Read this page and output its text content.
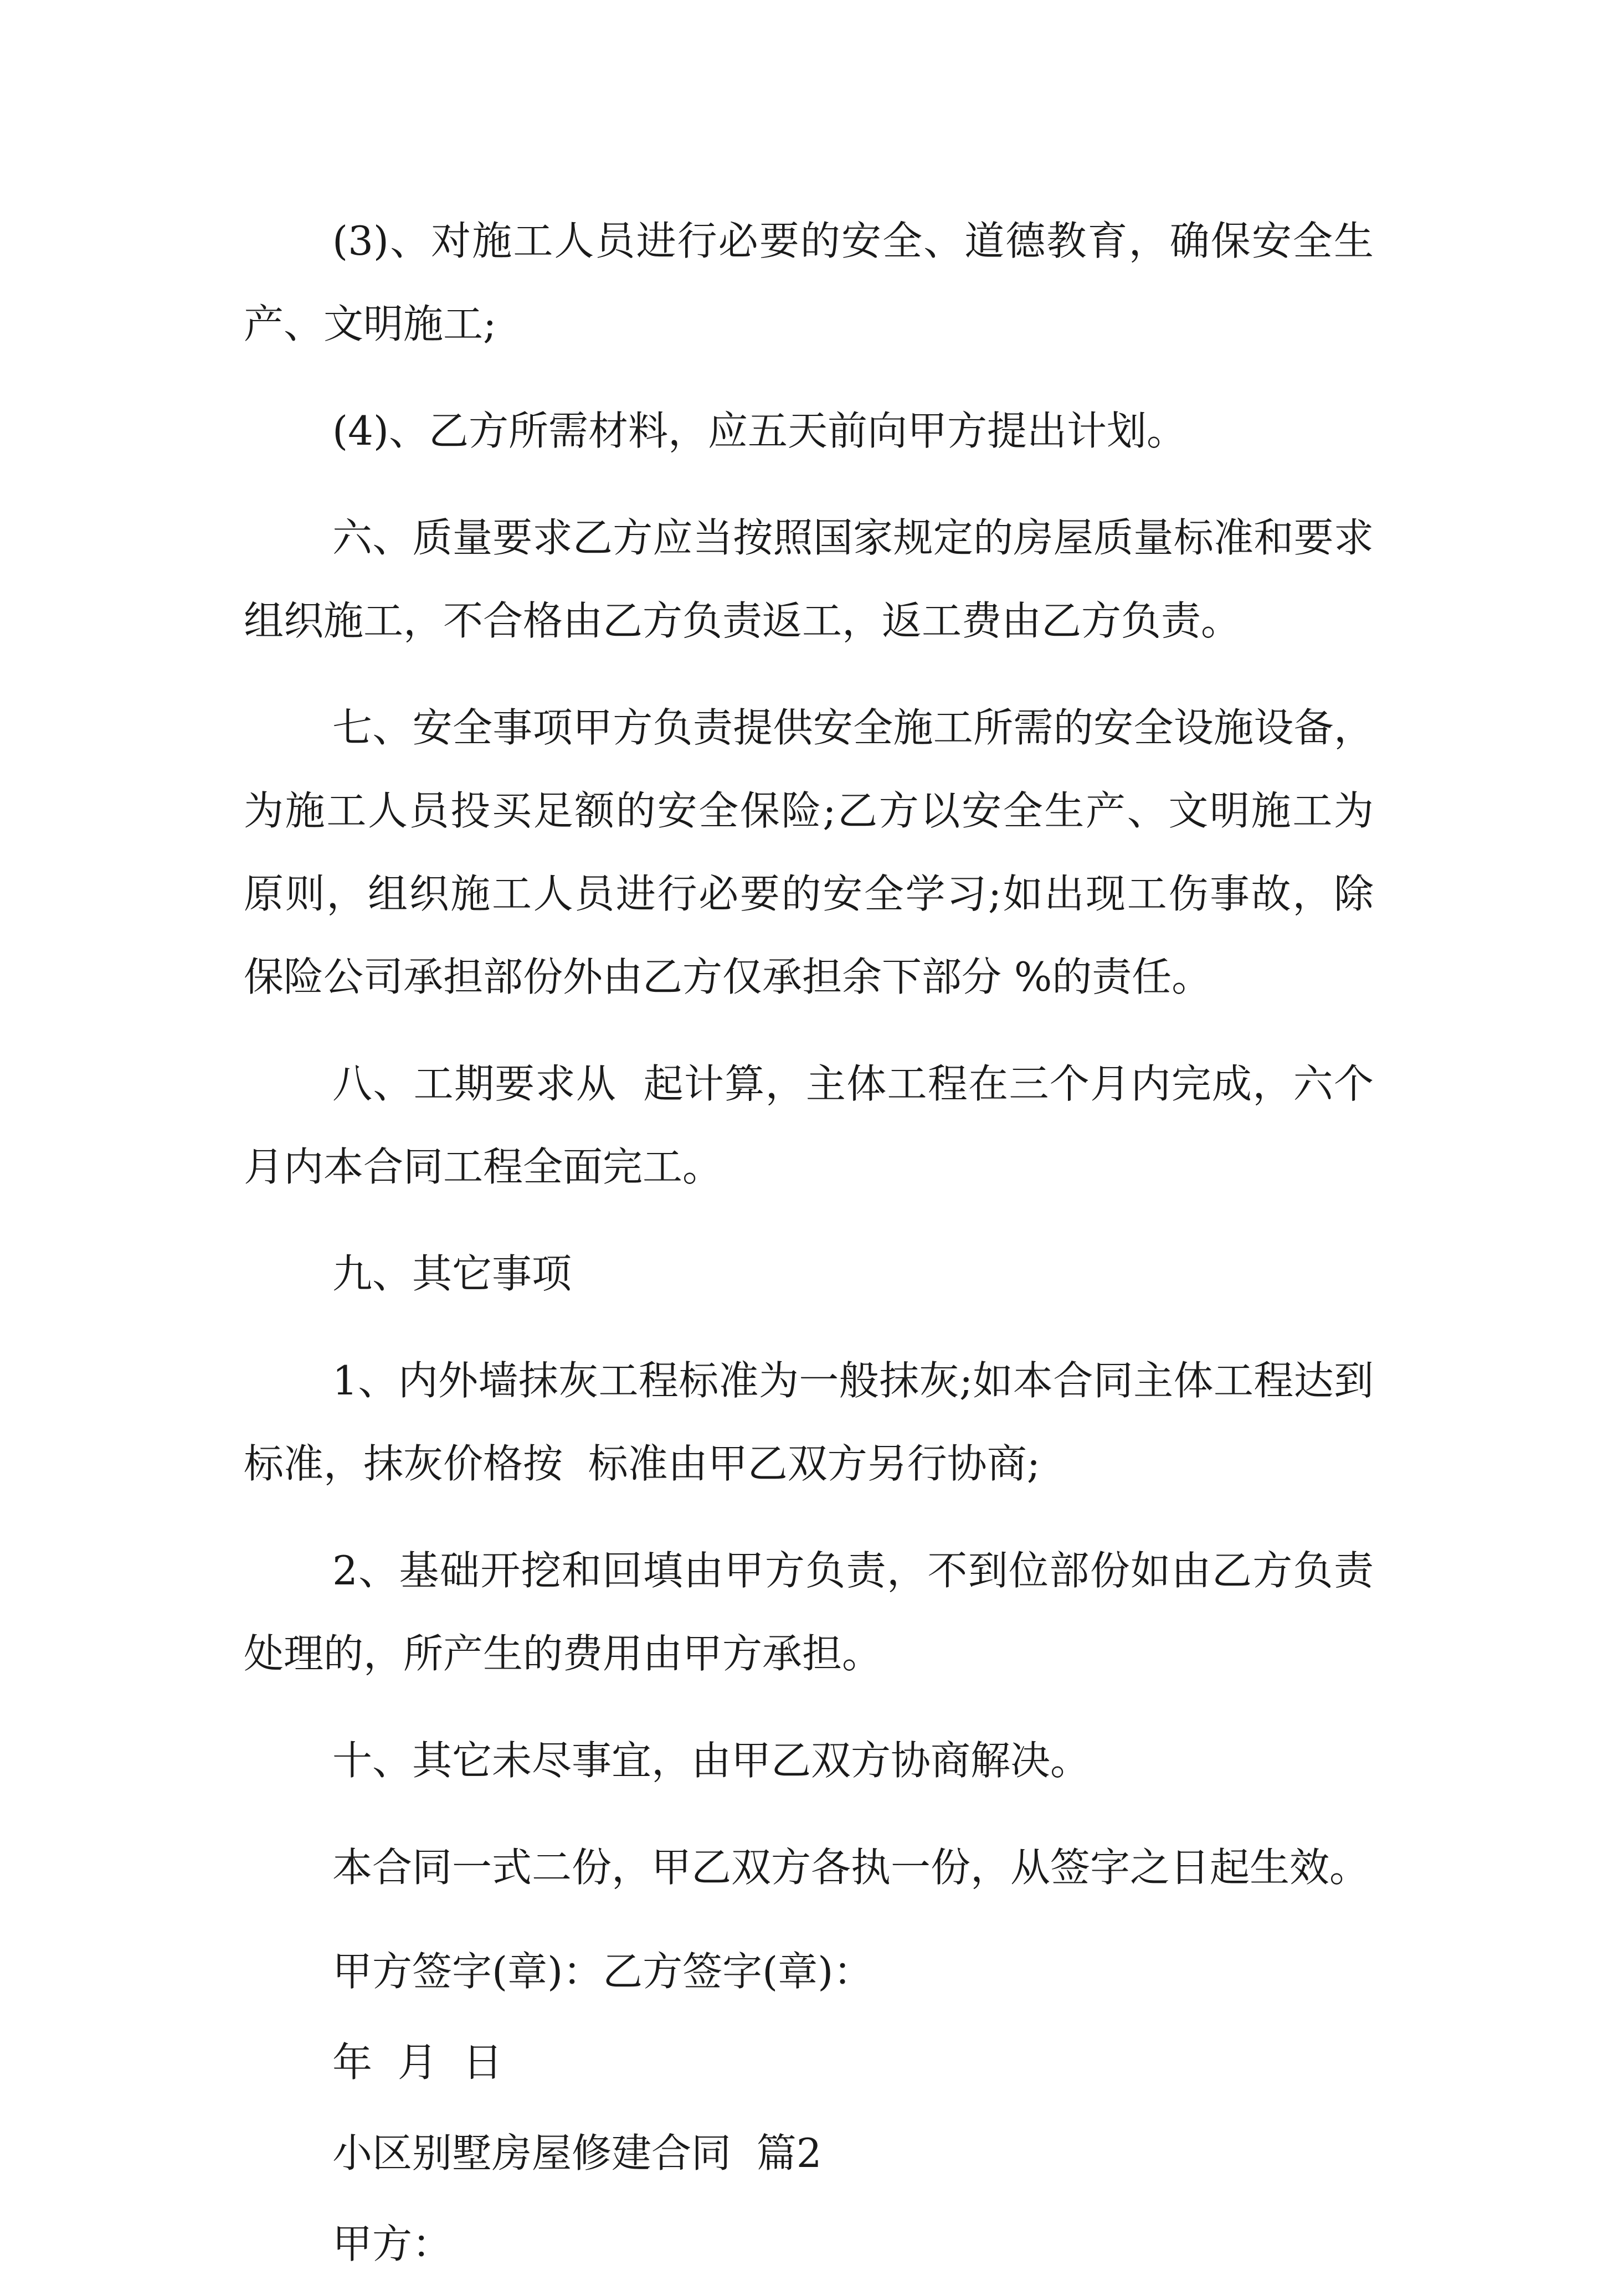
(3)、对施工人员进行必要的安全、道德教育，确保安全生产、文明施工;

(4)、乙方所需材料，应五天前向甲方提出计划。

六、质量要求乙方应当按照国家规定的房屋质量标准和要求组织施工，不合格由乙方负责返工，返工费由乙方负责。

七、安全事项甲方负责提供安全施工所需的安全设施设备，为施工人员投买足额的安全保险;乙方以安全生产、文明施工为原则，组织施工人员进行必要的安全学习;如出现工伤事故，除保险公司承担部份外由乙方仅承担余下部分 %的责任。

八、工期要求从  起计算，主体工程在三个月内完成，六个月内本合同工程全面完工。

九、其它事项

1、内外墙抹灰工程标准为一般抹灰;如本合同主体工程达到  标准，抹灰价格按  标准由甲乙双方另行协商;

2、基础开挖和回填由甲方负责，不到位部份如由乙方负责处理的，所产生的费用由甲方承担。

十、其它未尽事宜，由甲乙双方协商解决。

本合同一式二份，甲乙双方各执一份，从签字之日起生效。

甲方签字(章)：乙方签字(章)：

年  月  日

小区别墅房屋修建合同  篇2

甲方：
